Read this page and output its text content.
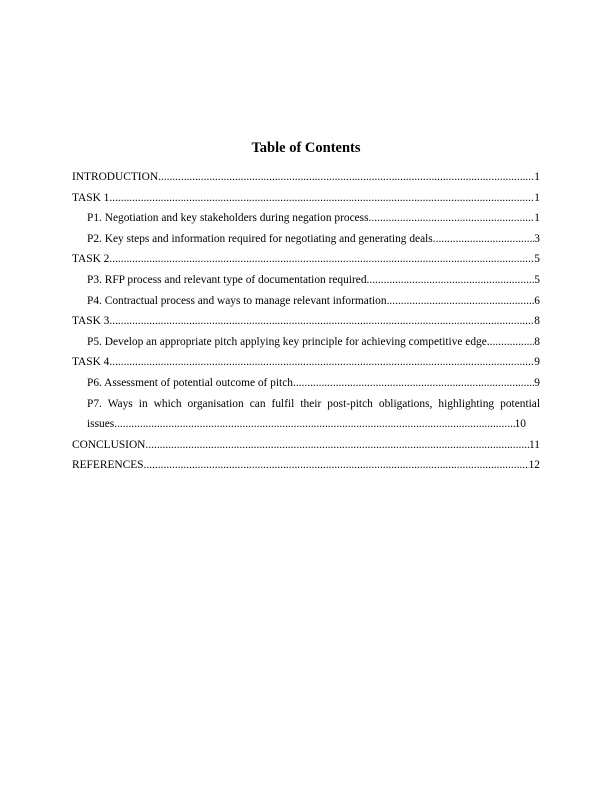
Table of Contents
INTRODUCTION .....	1
TASK 1 .....	1
P1. Negotiation and key stakeholders during negation process .....	1
P2. Key steps and information required for negotiating and generating deals .....	3
TASK 2 .....	5
P3. RFP process and relevant type of documentation required .....	5
P4. Contractual process and ways to manage relevant information .....	6
TASK 3 .....	8
P5. Develop an appropriate pitch applying key principle for achieving competitive edge .....	8
TASK 4 .....	9
P6. Assessment of potential outcome of pitch .....	9
P7. Ways in which organisation can fulfil their post-pitch obligations, highlighting potential
issues .....	10
CONCLUSION .....	11
REFERENCES .....	12
